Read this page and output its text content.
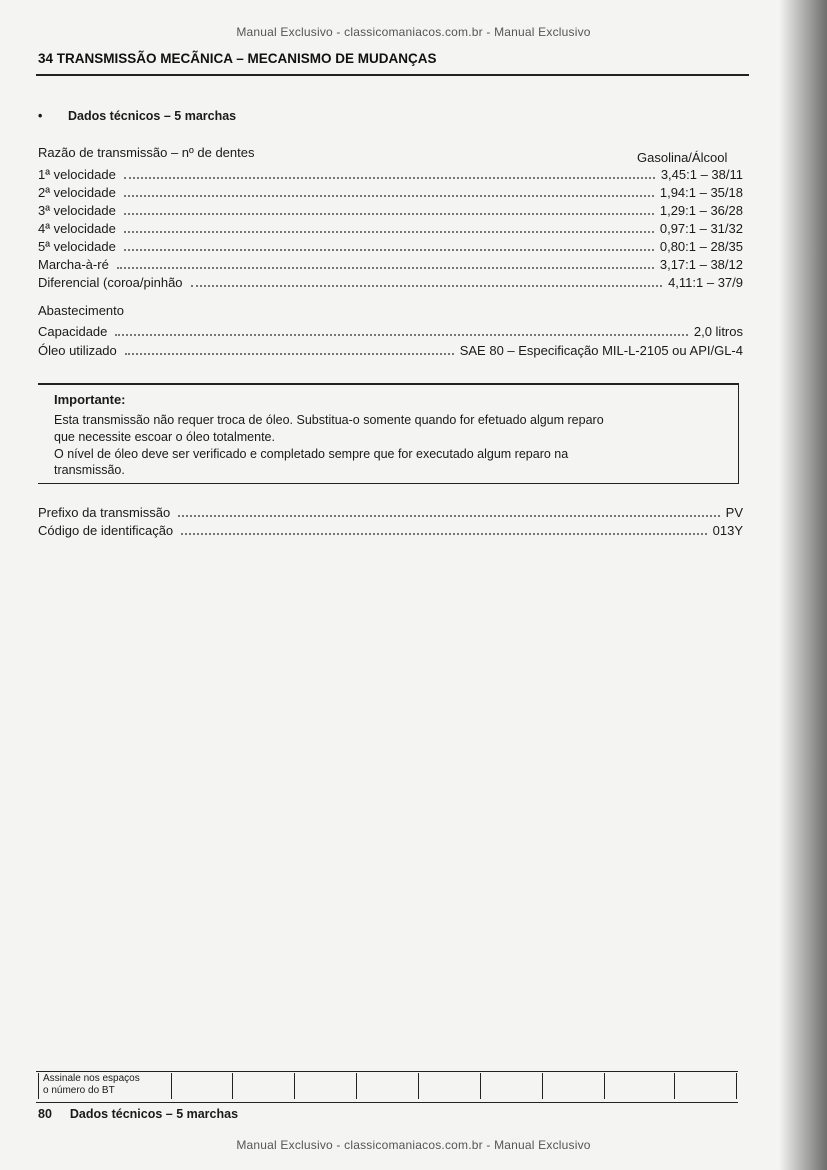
Manual Exclusivo - classicomaniacos.com.br - Manual Exclusivo
34 TRANSMISSÃO MECÃNICA – MECANISMO DE MUDANÇAS
• Dados técnicos – 5 marchas
Razão de transmissão – nº de dentes	Gasolina/Álcool
1ª velocidade	3,45:1 – 38/11
2ª velocidade	1,94:1 – 35/18
3ª velocidade	1,29:1 – 36/28
4ª velocidade	0,97:1 – 31/32
5ª velocidade	0,80:1 – 28/35
Marcha-à-ré	3,17:1 – 38/12
Diferencial (coroa/pinhão	4,11:1 – 37/9
Abastecimento
Capacidade	2,0 litros
Óleo utilizado	SAE 80 – Especificação MIL-L-2105 ou API/GL-4
Importante:
Esta transmissão não requer troca de óleo. Substitua-o somente quando for efetuado algum reparo
que necessite escoar o óleo totalmente.
O nível de óleo deve ser verificado e completado sempre que for executado algum reparo na
transmissão.
Prefixo da transmissão	PV
Código de identificação	013Y
Assinale nos espaços
o número do BT
80 Dados técnicos – 5 marchas
Manual Exclusivo - classicomaniacos.com.br - Manual Exclusivo
